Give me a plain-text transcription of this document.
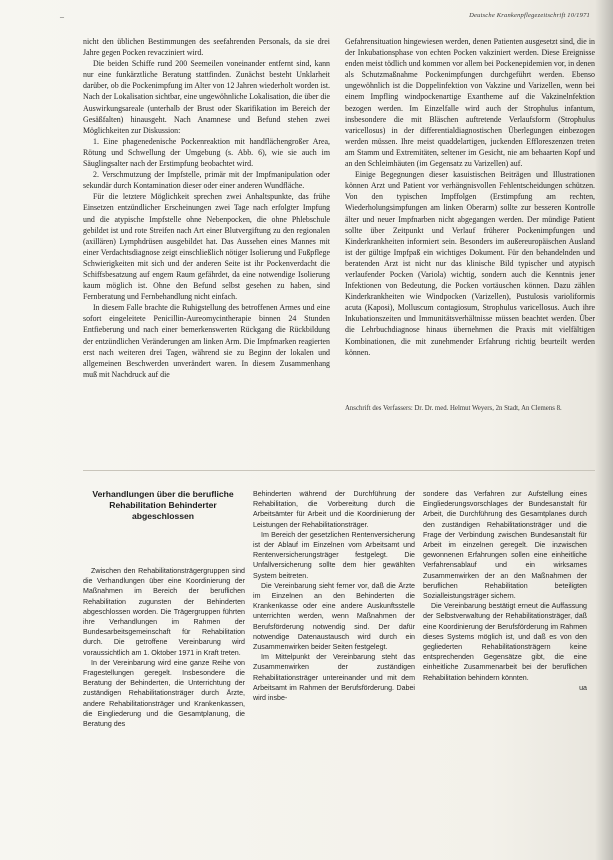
–	Deutsche Krankenpflegezeitschrift 10/1971

nicht den üblichen Bestimmungen des seefahrenden Personals, da sie drei Jahre gegen Pocken revacziniert wird.

Die beiden Schiffe rund 200 Seemeilen voneinander entfernt sind, kann nur eine funkärztliche Beratung stattfinden. Zunächst besteht Unklarheit darüber, ob die Pockenimpfung im Alter von 12 Jahren wiederholt worden ist. Nach der Lokalisation sichtbar, eine ungewöhnliche Lokalisation, die über die Auswirkungsareale (unterhalb der Brust oder Skarifikation im Bereich der Gesäßfalten) hinausgeht. Nach Anamnese und Befund stehen zwei Möglichkeiten zur Diskussion:

1. Eine phagenedenische Pockenreaktion mit handflächengroßer Area, Rötung und Schwellung der Umgebung (s. Abb. 6), wie sie auch im Säuglingsalter nach der Erstimpfung beobachtet wird.

2. Verschmutzung der Impfstelle, primär mit der Impfmanipulation oder sekundär durch Kontamination dieser oder einer anderen Wundfläche.

Für die letztere Möglichkeit sprechen zwei Anhaltspunkte, das frühe Einsetzen entzündlicher Erscheinungen zwei Tage nach erfolgter Impfung und die atypische Impfstelle ohne Nebenpocken, die ohne Phlebschule gebildet ist und rote Streifen nach Art einer Blutvergiftung zu den regionalen (axillären) Lymphdrüsen ausgebildet hat. Das Aussehen eines Mannes mit einer Verdachtsdiagnose zeigt einschließlich nötiger Isolierung und Fußpflege Schwierigkeiten mit sich und der anderen Seite ist ihr Pockenverdacht die Schiffsbesatzung auf engem Raum gefährdet, da eine notwendige Isolierung kaum möglich ist. Ohne den Befund selbst gesehen zu haben, sind Fernberatung und Fernbehandlung nicht einfach.

In diesem Falle brachte die Ruhigstellung des betroffenen Armes und eine sofort eingeleitete Penicillin-Aureomycintherapie binnen 24 Stunden Entfieberung und nach einer bemerkenswerten Rückgang die Rückbildung der entzündlichen Veränderungen am linken Arm. Die Impfmarken reagierten erst nach weiteren drei Tagen, während sie zu Beginn der lokalen und allgemeinen Beschwerden unverändert waren. In diesem Zusammenhang muß mit Nachdruck auf die

Gefahrensituation hingewiesen werden, denen Patienten ausgesetzt sind, die in der Inkubationsphase von echten Pocken vakziniert werden. Diese Ereignisse enden meist tödlich und kommen vor allem bei Pockenepidemien vor, in denen als Schutzmaßnahme Pockenimpfungen durchgeführt werden. Ebenso ungewöhnlich ist die Doppelinfektion von Vakzine und Varizellen, wenn bei einem Impfling windpockenartige Exantheme auf die Vakzinelnfektion bezogen werden. Im Einzelfalle wird auch der Strophulus infantum, insbesondere die mit Bläschen auftretende Verlaufsform (Strophulus varicellosus) in der differentialdiagnostischen Überlegungen einbezogen werden müssen. Ihre meist quaddelartigen, juckenden Effloreszenzen treten am Stamm und Extremitäten, seltener im Gesicht, nie am behaarten Kopf und an den Schleimhäuten (im Gegensatz zu Varizellen) auf.

Einige Begegnungen dieser kasuistischen Beiträgen und Illustrationen können Arzt und Patient vor verhängnisvollen Fehlentscheidungen schützen. Von den typischen Impffolgen (Erstimpfung am rechten, Wiederholungsimpfungen am linken Oberarm) sollte zur besseren Kontrolle älter und neuer Impfnarben nicht abgegangen werden. Der mündige Patient sollte über Zeitpunkt und Verlauf früherer Pockenimpfungen und Kinderkrankheiten informiert sein. Besonders im außereuropäischen Ausland ist der gültige Impfpaß ein wichtiges Dokument. Für den behandelnden und beratenden Arzt ist nicht nur das klinische Bild typischer und atypisch verlaufender Pocken (Variola) wichtig, sondern auch die Kenntnis jener Infektionen von Bedeutung, die Pocken vortäuschen können. Dazu zählen Kinderkrankheiten wie Windpocken (Varizellen), Pustulosis varioliformis acuta (Kaposi), Molluscum contagiosum, Strophulus varicellosus. Auch ihre Inkubationszeiten und Immunitätsverhältnisse müssen beachtet werden. Über die Lehrbuchdiagnose hinaus übernehmen die Praxis mit vielfältigen Kombinationen, die mit zunehmender Erfahrung richtig beurteilt werden können.

Anschrift des Verfassers: Dr. Dr. med. Helmut Weyers, 2n Stadt, An Clemens 8.
Verhandlungen über die berufliche Rehabilitation Behinderter abgeschlossen

Zwischen den Rehabilitationsträgergruppen sind die Verhandlungen über eine Koordinierung der Maßnahmen im Bereich der beruflichen Rehabilitation zugunsten der Behinderten abgeschlossen worden. Die Trägergruppen führten ihre Verhandlungen im Rahmen der Bundesarbeitsgemeinschaft für Rehabilitation durch. Die getroffene Vereinbarung wird voraussichtlich am 1. Oktober 1971 in Kraft treten.

In der Vereinbarung wird eine ganze Reihe von Fragestellungen geregelt. Insbesondere die Beratung der Behinderten, die Unterrichtung der zuständigen Rehabilitationsträger durch Ärzte, andere Rehabilitationsträger und Krankenkassen, die Eingliederung und die Gesamtplanung, die Beratung des

Behinderten während der Durchführung der Rehabilitation, die Vorbereitung durch die Arbeitsämter für Arbeit und die Koordinierung der Leistungen der Rehabilitationsträger.

Im Bereich der gesetzlichen Rentenversicherung ist der Ablauf im Einzelnen vom Arbeitsamt und Rentenversicherungsträger festgelegt. Die Unfallversicherung sollte dem hier gewählten System beitreten.

Die Vereinbarung sieht ferner vor, daß die Ärzte im Einzelnen an den Behinderten die Krankenkasse oder eine andere Auskunftsstelle unterrichten werden, wenn Maßnahmen der Berufsförderung notwendig sind. Der dafür notwendige Datenaustausch wird durch ein Zusammenwirken beider Seiten festgelegt.

Im Mittelpunkt der Vereinbarung steht das Zusammenwirken der zuständigen Rehabilitationsträger untereinander und mit dem Arbeitsamt im Rahmen der Berufsförderung. Dabei wird insbe-

sondere das Verfahren zur Aufstellung eines Eingliederungsvorschlages der Bundesanstalt für Arbeit, die Durchführung des Gesamtplanes durch den zuständigen Rehabilitationsträger und die Frage der Verbindung zwischen Bundesanstalt für Arbeit im einzelnen geregelt. Die inzwischen gewonnenen Erfahrungen sollen eine einheitliche Verfahrensablauf und ein wirksames Zusammenwirken der an den Maßnahmen der beruflichen Rehabilitation beteiligten Sozialleistungsträger sichern.

Die Vereinbarung bestätigt erneut die Auffassung der Selbstverwaltung der Rehabilitationsträger, daß eine Koordinierung der Berufsförderung im Rahmen dieses Systems möglich ist, und daß es von den gegliederten Rehabilitationsträgern keine entsprechenden Gegensätze gibt, die eine einheitliche Zusammenarbeit bei der beruflichen Rehabilitation behindern könnten.

ua
